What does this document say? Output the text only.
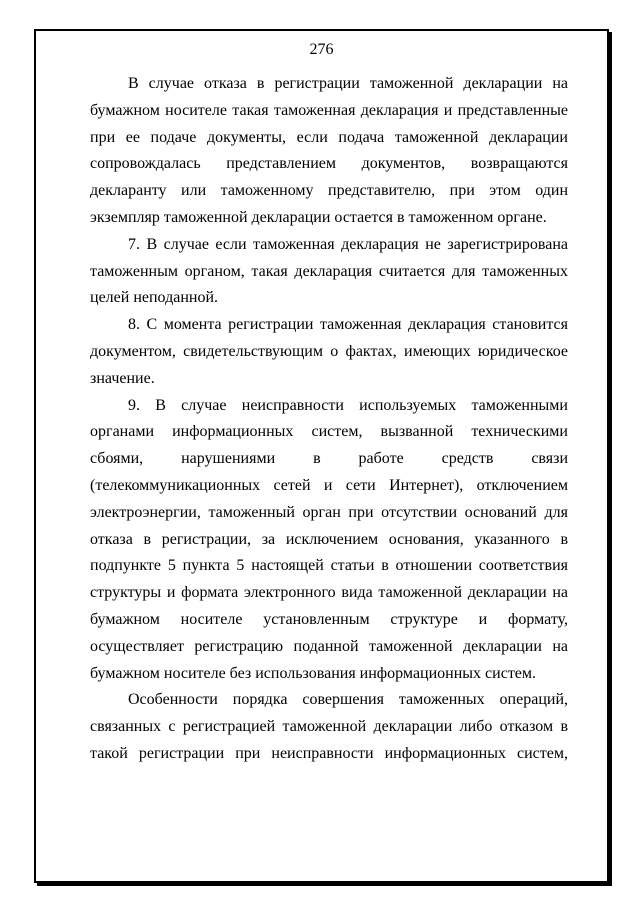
276

В случае отказа в регистрации таможенной декларации на бумажном носителе такая таможенная декларация и представленные при ее подаче документы, если подача таможенной декларации сопровождалась представлением документов, возвращаются декларанту или таможенному представителю, при этом один экземпляр таможенной декларации остается в таможенном органе.

7. В случае если таможенная декларация не зарегистрирована таможенным органом, такая декларация считается для таможенных целей неподанной.

8. С момента регистрации таможенная декларация становится документом, свидетельствующим о фактах, имеющих юридическое значение.

9. В случае неисправности используемых таможенными органами информационных систем, вызванной техническими сбоями, нарушениями в работе средств связи (телекоммуникационных сетей и сети Интернет), отключением электроэнергии, таможенный орган при отсутствии оснований для отказа в регистрации, за исключением основания, указанного в подпункте 5 пункта 5 настоящей статьи в отношении соответствия структуры и формата электронного вида таможенной декларации на бумажном носителе установленным структуре и формату, осуществляет регистрацию поданной таможенной декларации на бумажном носителе без использования информационных систем.

Особенности порядка совершения таможенных операций, связанных с регистрацией таможенной декларации либо отказом в такой регистрации при неисправности информационных систем,
